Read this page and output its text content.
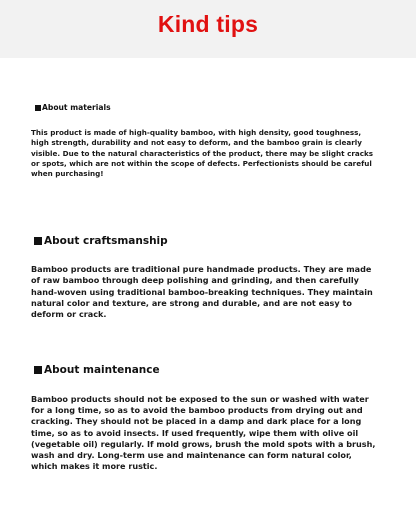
Kind tips
About materials

This product is made of high-quality bamboo, with high density, good toughness, high strength, durability and not easy to deform, and the bamboo grain is clearly visible. Due to the natural characteristics of the product, there may be slight cracks or spots, which are not within the scope of defects. Perfectionists should be careful when purchasing!

About craftsmanship

Bamboo products are traditional pure handmade products. They are made of raw bamboo through deep polishing and grinding, and then carefully hand-woven using traditional bamboo-breaking techniques. They maintain natural color and texture, are strong and durable, and are not easy to deform or crack.

About maintenance

Bamboo products should not be exposed to the sun or washed with water for a long time, so as to avoid the bamboo products from drying out and cracking. They should not be placed in a damp and dark place for a long time, so as to avoid insects. If used frequently, wipe them with olive oil (vegetable oil) regularly. If mold grows, brush the mold spots with a brush, wash and dry. Long-term use and maintenance can form natural color, which makes it more rustic.
